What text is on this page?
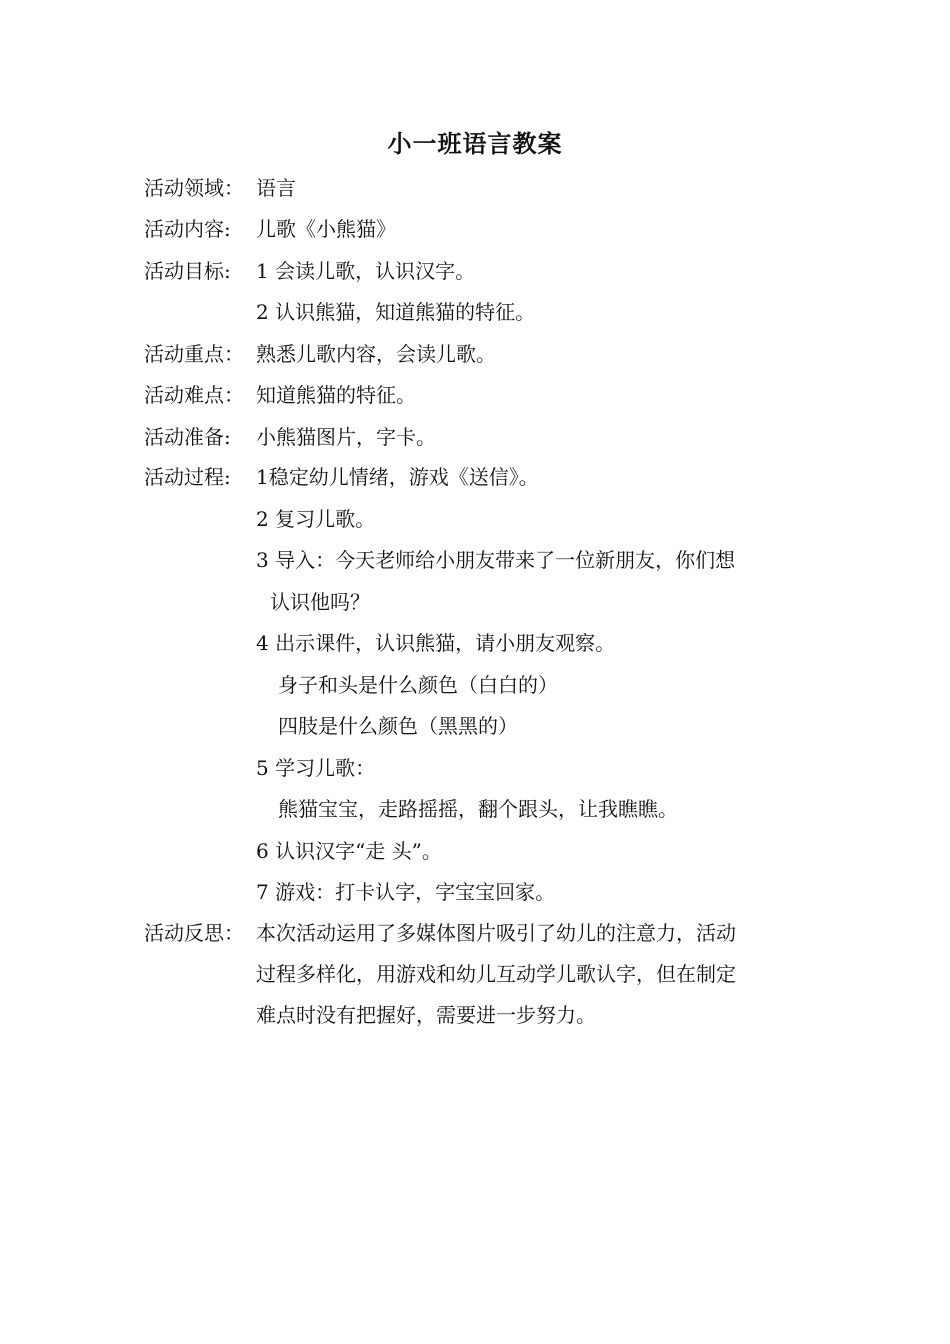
小一班语言教案
活动领域： 语言
活动内容: 儿歌《小熊猫》
活动目标: 1 会读儿歌，认识汉字。
2 认识熊猫，知道熊猫的特征。
活动重点： 熟悉儿歌内容，会读儿歌。
活动难点： 知道熊猫的特征。
活动准备: 小熊猫图片，字卡。
活动过程: 1稳定幼儿情绪，游戏《送信》。
2 复习儿歌。
3 导入：今天老师给小朋友带来了一位新朋友，你们想
认识他吗？
4 出示课件，认识熊猫，请小朋友观察。
身子和头是什么颜色（白白的）
四肢是什么颜色（黑黑的）
5 学习儿歌：
熊猫宝宝，走路摇摇，翻个跟头，让我瞧瞧。
6 认识汉字“走 头”。
7 游戏：打卡认字，字宝宝回家。
活动反思： 本次活动运用了多媒体图片吸引了幼儿的注意力，活动
过程多样化，用游戏和幼儿互动学儿歌认字，但在制定
难点时没有把握好，需要进一步努力。
